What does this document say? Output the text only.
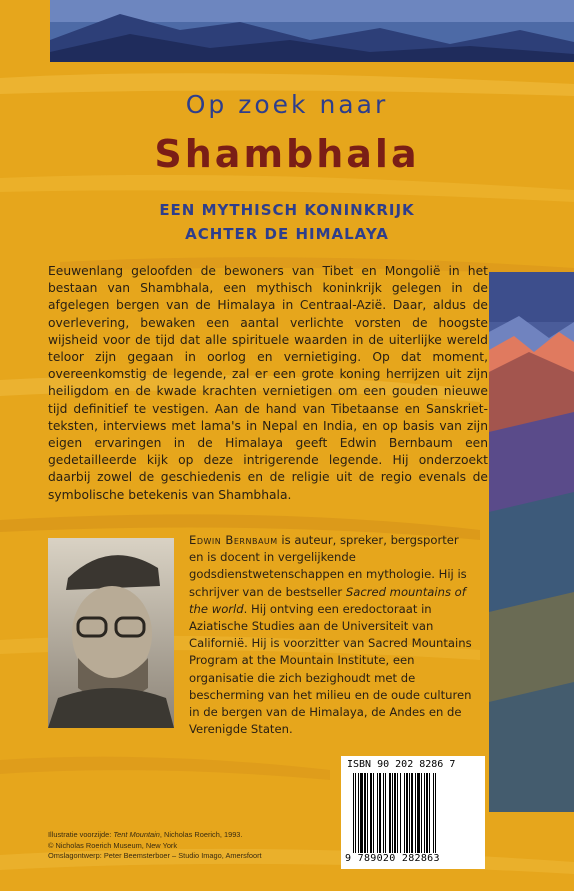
Op zoek naar
Shambhala
EEN MYTHISCH KONINKRIJK
ACHTER DE HIMALAYA

Eeuwenlang geloofden de bewoners van Tibet en Mongolië in het bestaan van Shambhala, een mythisch koninkrijk gelegen in de afgelegen bergen van de Himalaya in Centraal-Azië. Daar, aldus de overlevering, bewaken een aantal verlichte vorsten de hoogste wijsheid voor de tijd dat alle spirituele waarden in de uiterlijke wereld teloor zijn gegaan in oorlog en vernietiging. Op dat moment, overeenkomstig de legende, zal er een grote koning herrijzen uit zijn heiligdom en de kwade krachten vernietigen om een gouden nieuwe tijd definitief te vestigen. Aan de hand van Tibetaanse en Sanskriet-teksten, interviews met lama's in Nepal en India, en op basis van zijn eigen ervaringen in de Himalaya geeft Edwin Bernbaum een gedetailleerde kijk op deze intrigerende legende. Hij onderzoekt daarbij zowel de geschiedenis en de religie uit de regio evenals de symbolische betekenis van Shambhala.

Edwin Bernbaum is auteur, spreker, bergsporter en is docent in vergelijkende godsdienstwetenschappen en mythologie. Hij is schrijver van de bestseller Sacred mountains of the world. Hij ontving een eredoctoraat in Aziatische Studies aan de Universiteit van Californië. Hij is voorzitter van Sacred Mountains Program at the Mountain Institute, een organisatie die zich bezighoudt met de bescherming van het milieu en de oude culturen in de bergen van de Himalaya, de Andes en de Verenigde Staten.

ISBN 90 202 8286 7
9 789020 282863
Illustratie voorzijde: Tent Mountain, Nicholas Roerich, 1993.
© Nicholas Roerich Museum, New York
Omslagontwerp: Peter Beemsterboer – Studio Imago, Amersfoort
